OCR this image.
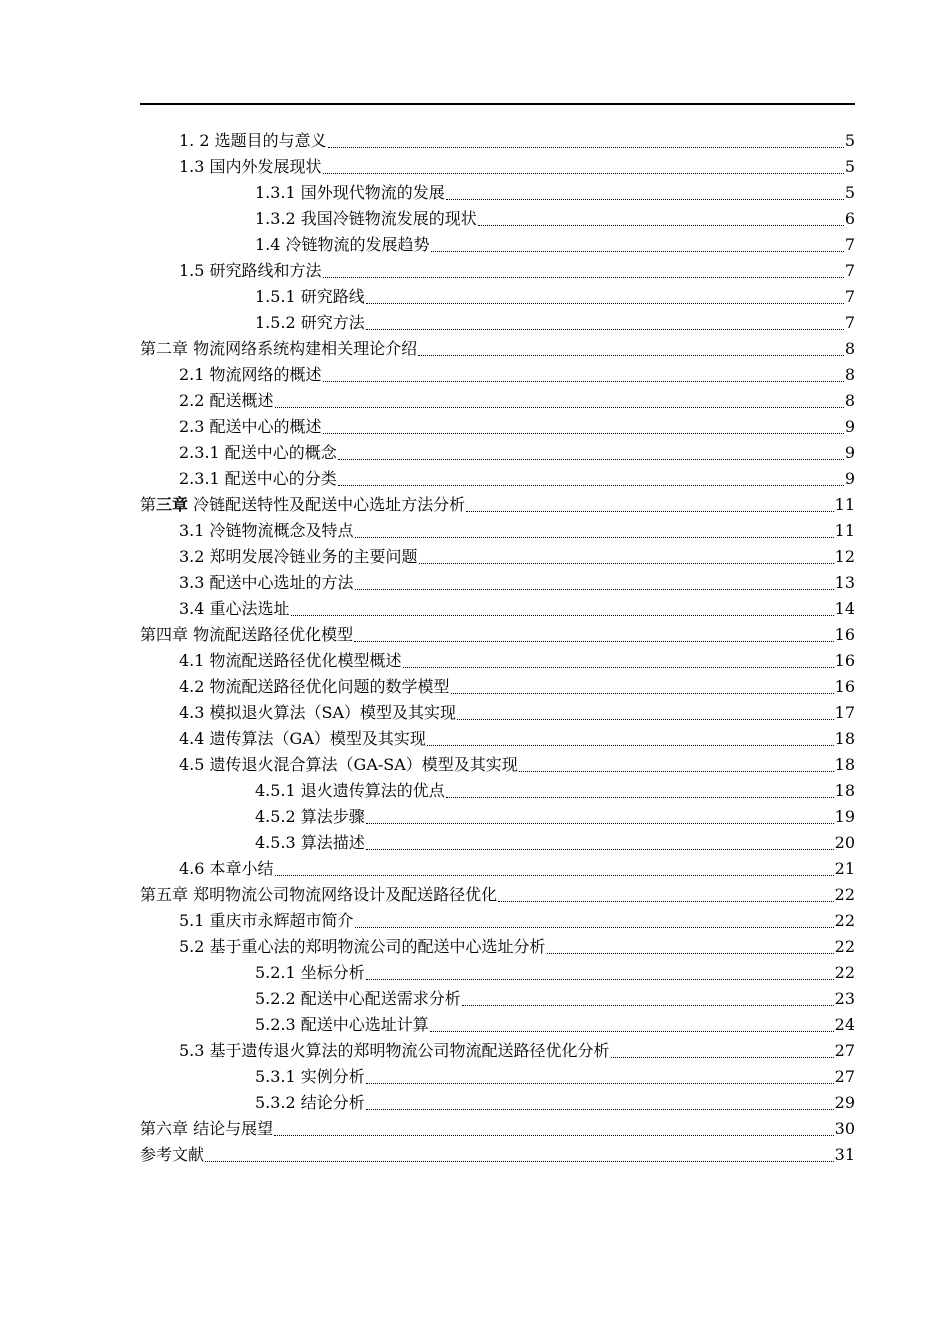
1. 2 选题目的与意义	5
1.3 国内外发展现状	5
1.3.1 国外现代物流的发展	5
1.3.2 我国冷链物流发展的现状	6
1.4 冷链物流的发展趋势	7
1.5 研究路线和方法	7
1.5.1 研究路线	7
1.5.2 研究方法	7
第二章 物流网络系统构建相关理论介绍	8
2.1 物流网络的概述	8
2.2 配送概述	8
2.3 配送中心的概述	9
2.3.1 配送中心的概念	9
2.3.1 配送中心的分类	9
第三章 冷链配送特性及配送中心选址方法分析	11
3.1 冷链物流概念及特点	11
3.2 郑明发展冷链业务的主要问题	12
3.3 配送中心选址的方法	13
3.4 重心法选址	14
第四章 物流配送路径优化模型	16
4.1 物流配送路径优化模型概述	16
4.2 物流配送路径优化问题的数学模型	16
4.3 模拟退火算法（SA）模型及其实现	17
4.4 遗传算法（GA）模型及其实现	18
4.5 遗传退火混合算法（GA-SA）模型及其实现	18
4.5.1 退火遗传算法的优点	18
4.5.2 算法步骤	19
4.5.3 算法描述	20
4.6 本章小结	21
第五章 郑明物流公司物流网络设计及配送路径优化	22
5.1 重庆市永辉超市简介	22
5.2 基于重心法的郑明物流公司的配送中心选址分析	22
5.2.1 坐标分析	22
5.2.2 配送中心配送需求分析	23
5.2.3 配送中心选址计算	24
5.3 基于遗传退火算法的郑明物流公司物流配送路径优化分析	27
5.3.1 实例分析	27
5.3.2 结论分析	29
第六章 结论与展望	30
参考文献	31
